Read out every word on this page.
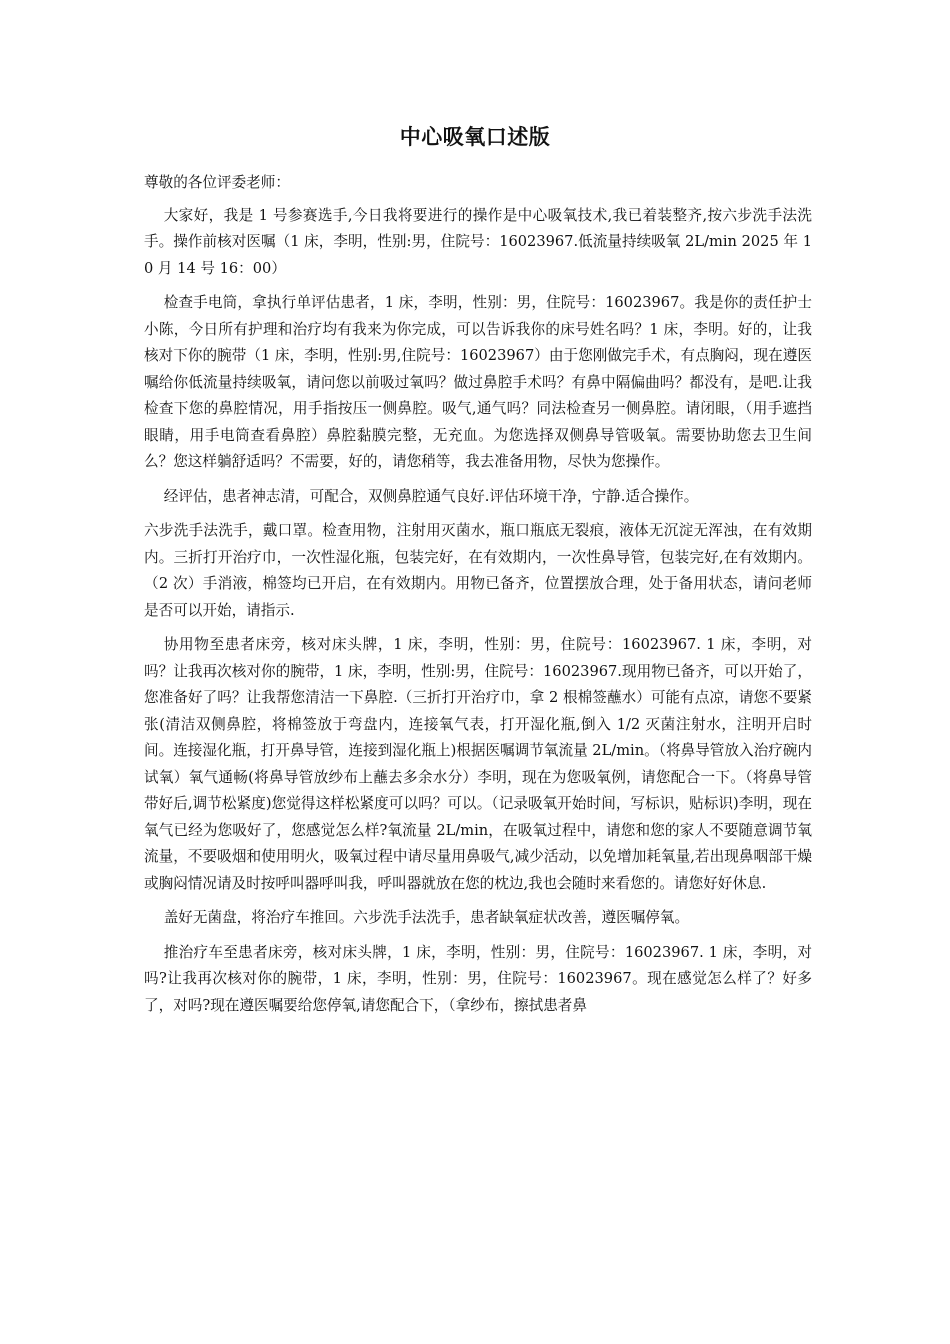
中心吸氧口述版

尊敬的各位评委老师：

大家好，我是 1 号参赛选手,今日我将要进行的操作是中心吸氧技术,我已着装整齐,按六步洗手法洗手。操作前核对医嘱（1 床，李明，性别:男，住院号：16023967.低流量持续吸氧 2L/min 2025 年 10 月 14 号 16：00）

检查手电筒，拿执行单评估患者，1 床，李明，性别：男，住院号：16023967。我是你的责任护士小陈，今日所有护理和治疗均有我来为你完成，可以告诉我你的床号姓名吗？1 床，李明。好的，让我核对下你的腕带（1 床，李明，性别:男,住院号：16023967）由于您刚做完手术，有点胸闷，现在遵医嘱给你低流量持续吸氧，请问您以前吸过氧吗？做过鼻腔手术吗？有鼻中隔偏曲吗？都没有，是吧.让我检查下您的鼻腔情况，用手指按压一侧鼻腔。吸气,通气吗？同法检查另一侧鼻腔。请闭眼，（用手遮挡眼睛，用手电筒查看鼻腔）鼻腔黏膜完整，无充血。为您选择双侧鼻导管吸氧。需要协助您去卫生间么？您这样躺舒适吗？不需要，好的，请您稍等，我去准备用物，尽快为您操作。

经评估，患者神志清，可配合，双侧鼻腔通气良好.评估环境干净，宁静.适合操作。

六步洗手法洗手，戴口罩。检查用物，注射用灭菌水，瓶口瓶底无裂痕，液体无沉淀无浑浊，在有效期内。三折打开治疗巾，一次性湿化瓶，包装完好，在有效期内，一次性鼻导管，包装完好,在有效期内。（2 次）手消液，棉签均已开启，在有效期内。用物已备齐，位置摆放合理，处于备用状态，请问老师是否可以开始，请指示.

协用物至患者床旁，核对床头牌，1 床，李明，性别：男，住院号：16023967. 1 床，李明，对吗？让我再次核对你的腕带，1 床，李明，性别:男，住院号：16023967.现用物已备齐，可以开始了，您准备好了吗？让我帮您清洁一下鼻腔.（三折打开治疗巾，拿 2 根棉签蘸水）可能有点凉，请您不要紧张(清洁双侧鼻腔，将棉签放于弯盘内，连接氧气表，打开湿化瓶,倒入 1/2 灭菌注射水，注明开启时间。连接湿化瓶，打开鼻导管，连接到湿化瓶上)根据医嘱调节氧流量 2L/min。（将鼻导管放入治疗碗内试氧）氧气通畅(将鼻导管放纱布上蘸去多余水分）李明，现在为您吸氧例，请您配合一下。（将鼻导管带好后,调节松紧度)您觉得这样松紧度可以吗？可以。（记录吸氧开始时间，写标识，贴标识)李明，现在氧气已经为您吸好了，您感觉怎么样?氧流量 2L/min，在吸氧过程中，请您和您的家人不要随意调节氧流量，不要吸烟和使用明火，吸氧过程中请尽量用鼻吸气,减少活动，以免增加耗氧量,若出现鼻咽部干燥或胸闷情况请及时按呼叫器呼叫我，呼叫器就放在您的枕边,我也会随时来看您的。请您好好休息.

盖好无菌盘，将治疗车推回。六步洗手法洗手，患者缺氧症状改善，遵医嘱停氧。

推治疗车至患者床旁，核对床头牌，1 床，李明，性别：男，住院号：16023967. 1 床，李明，对吗?让我再次核对你的腕带，1 床，李明，性别：男，住院号：16023967。现在感觉怎么样了？好多了，对吗?现在遵医嘱要给您停氧,请您配合下，（拿纱布，擦拭患者鼻
